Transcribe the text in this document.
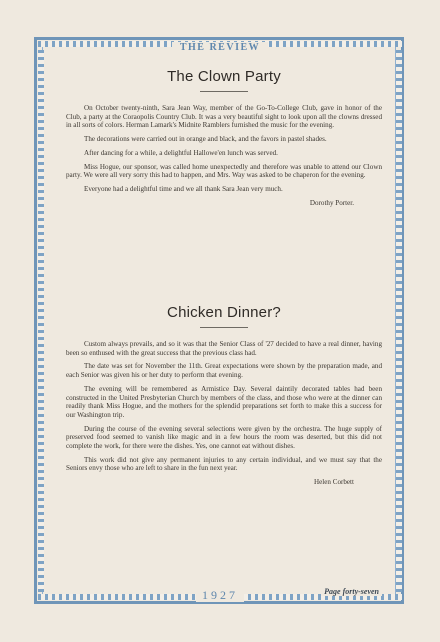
THE REVIEW
The Clown Party

On October twenty-ninth, Sara Jean Way, member of the Go-To-College Club, gave in honor of the Club, a party at the Coraopolis Country Club. It was a very beautiful sight to look upon all the clowns dressed in all sorts of colors. Herman Lamark's Midnite Ramblers furnished the music for the evening.

The decorations were carried out in orange and black, and the favors in pastel shades.

After dancing for a while, a delightful Hallowe'en lunch was served.

Miss Hogue, our sponsor, was called home unexpectedly and therefore was unable to attend our Clown party. We were all very sorry this had to happen, and Mrs. Way was asked to be chaperon for the evening.

Everyone had a delightful time and we all thank Sara Jean very much.

Dorothy Porter.

Chicken Dinner?

Custom always prevails, and so it was that the Senior Class of '27 decided to have a real dinner, having been so enthused with the great success that the previous class had.

The date was set for November the 11th. Great expectations were shown by the preparation made, and each Senior was given his or her duty to perform that evening.

The evening will be remembered as Armistice Day. Several daintily decorated tables had been constructed in the United Presbyterian Church by members of the class, and those who were at the dinner can readily thank Miss Hogue, and the mothers for the splendid preparations set forth to make this a success for our Washington trip.

During the course of the evening several selections were given by the orchestra. The huge supply of preserved food seemed to vanish like magic and in a few hours the room was deserted, but this did not complete the work, for there were the dishes. Yes, one cannot eat without dishes.

This work did not give any permanent injuries to any certain individual, and we must say that the Seniors envy those who are left to share in the fun next year.

Helen Corbett

1927	Page forty-seven
